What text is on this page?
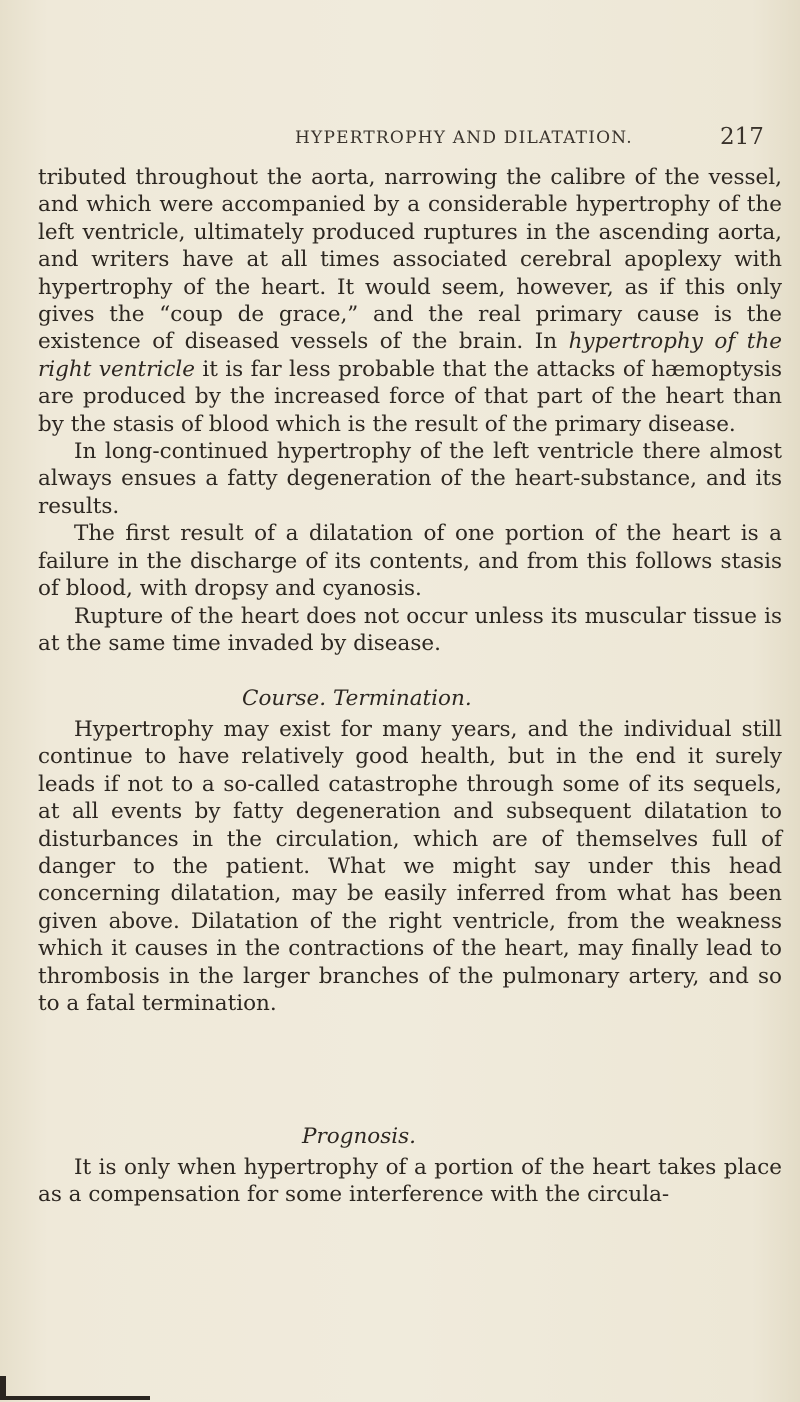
HYPERTROPHY AND DILATATION.	217

tributed throughout the aorta, narrowing the calibre of the vessel, and which were accompanied by a considerable hypertrophy of the left ventricle, ultimately produced ruptures in the ascending aorta, and writers have at all times associated cerebral apoplexy with hypertrophy of the heart. It would seem, however, as if this only gives the “coup de grace,” and the real primary cause is the existence of diseased vessels of the brain. In hypertrophy of the right ventricle it is far less probable that the attacks of hæmoptysis are produced by the increased force of that part of the heart than by the stasis of blood which is the result of the primary disease.

In long-continued hypertrophy of the left ventricle there almost always ensues a fatty degeneration of the heart-substance, and its results.

The first result of a dilatation of one portion of the heart is a failure in the discharge of its contents, and from this follows stasis of blood, with dropsy and cyanosis.

Rupture of the heart does not occur unless its muscular tissue is at the same time invaded by disease.

Course. Termination.

Hypertrophy may exist for many years, and the individual still continue to have relatively good health, but in the end it surely leads if not to a so-called catastrophe through some of its sequels, at all events by fatty degeneration and subsequent dilatation to disturbances in the circulation, which are of themselves full of danger to the patient. What we might say under this head concerning dilatation, may be easily inferred from what has been given above. Dilatation of the right ventricle, from the weakness which it causes in the contractions of the heart, may finally lead to thrombosis in the larger branches of the pulmonary artery, and so to a fatal termination.

Prognosis.

It is only when hypertrophy of a portion of the heart takes place as a compensation for some interference with the circula-
